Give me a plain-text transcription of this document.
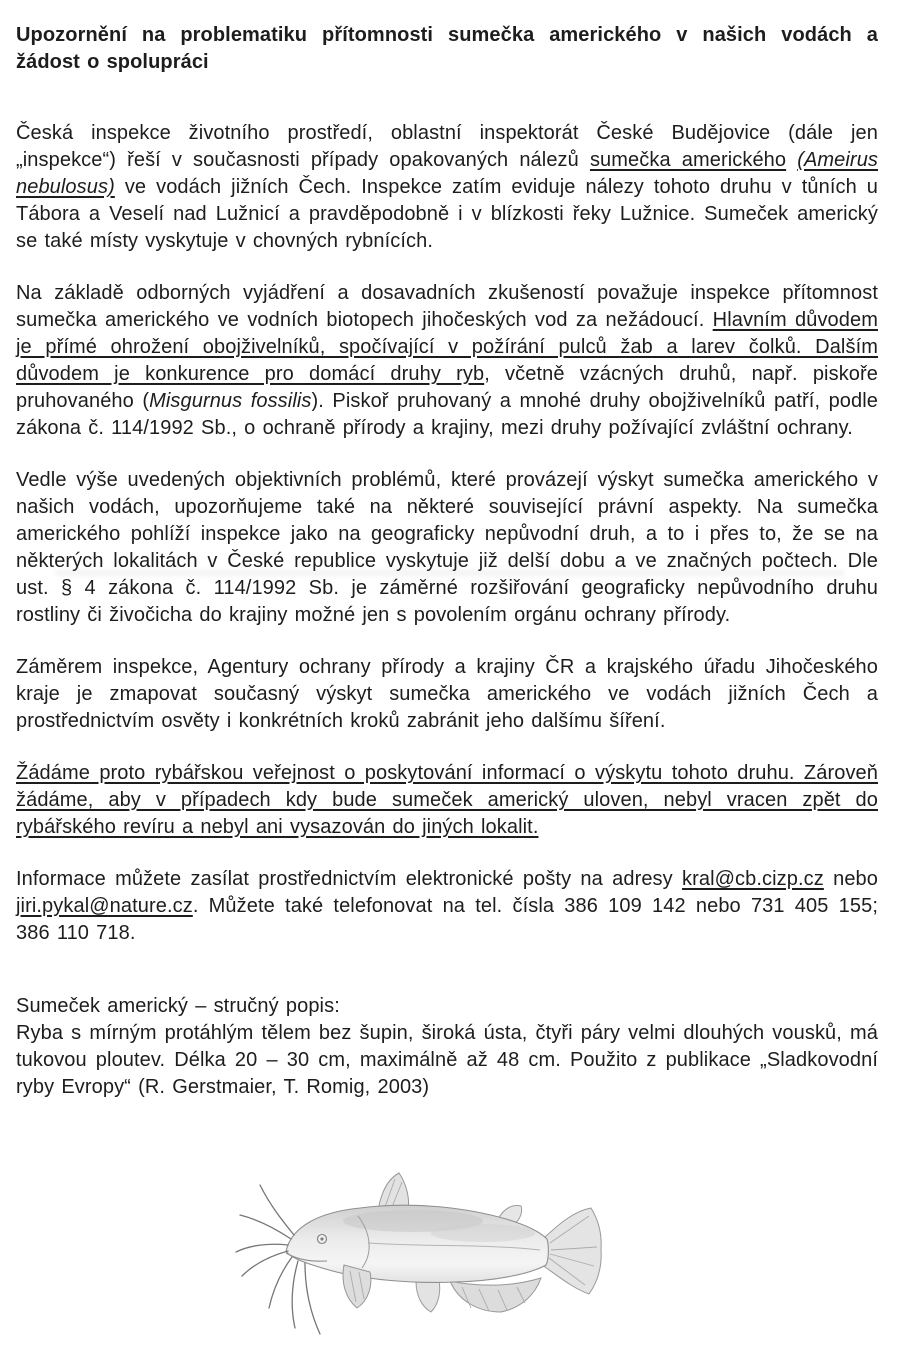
Upozornění na problematiku přítomnosti sumečka amerického v našich vodách a žádost o spolupráci

Česká inspekce životního prostředí, oblastní inspektorát České Budějovice (dále jen „inspekce“) řeší v současnosti případy opakovaných nálezů sumečka amerického (Ameirus nebulosus) ve vodách jižních Čech. Inspekce zatím eviduje nálezy tohoto druhu v tůních u Tábora a Veselí nad Lužnicí a pravděpodobně i v blízkosti řeky Lužnice. Sumeček americký se také místy vyskytuje v chovných rybnících.

Na základě odborných vyjádření a dosavadních zkušeností považuje inspekce přítomnost sumečka amerického ve vodních biotopech jihočeských vod za nežádoucí. Hlavním důvodem je přímé ohrožení obojživelníků, spočívající v požírání pulců žab a larev čolků. Dalším důvodem je konkurence pro domácí druhy ryb, včetně vzácných druhů, např. piskoře pruhovaného (Misgurnus fossilis). Piskoř pruhovaný a mnohé druhy obojživelníků patří, podle zákona č. 114/1992 Sb., o ochraně přírody a krajiny, mezi druhy požívající zvláštní ochrany.

Vedle výše uvedených objektivních problémů, které provázejí výskyt sumečka amerického v našich vodách, upozorňujeme také na některé související právní aspekty. Na sumečka amerického pohlíží inspekce jako na geograficky nepůvodní druh, a to i přes to, že se na některých lokalitách v České republice vyskytuje již delší dobu a ve značných počtech. Dle ust. § 4 zákona č. 114/1992 Sb. je záměrné rozšiřování geograficky nepůvodního druhu rostliny či živočicha do krajiny možné jen s povolením orgánu ochrany přírody.

Záměrem inspekce, Agentury ochrany přírody a krajiny ČR a krajského úřadu Jihočeského kraje je zmapovat současný výskyt sumečka amerického ve vodách jižních Čech a prostřednictvím osvěty i konkrétních kroků zabránit jeho dalšímu šíření.

Žádáme proto rybářskou veřejnost o poskytování informací o výskytu tohoto druhu. Zároveň žádáme, aby v případech kdy bude sumeček americký uloven, nebyl vracen zpět do rybářského revíru a nebyl ani vysazován do jiných lokalit.

Informace můžete zasílat prostřednictvím elektronické pošty na adresy kral@cb.cizp.cz nebo jiri.pykal@nature.cz. Můžete také telefonovat na tel. čísla 386 109 142 nebo 731 405 155; 386 110 718.

Sumeček americký – stručný popis:

Ryba s mírným protáhlým tělem bez šupin, široká ústa, čtyři páry velmi dlouhých vousků, má tukovou ploutev. Délka 20 – 30 cm, maximálně až 48 cm. Použito z publikace „Sladkovodní ryby Evropy“ (R. Gerstmaier, T. Romig, 2003)
